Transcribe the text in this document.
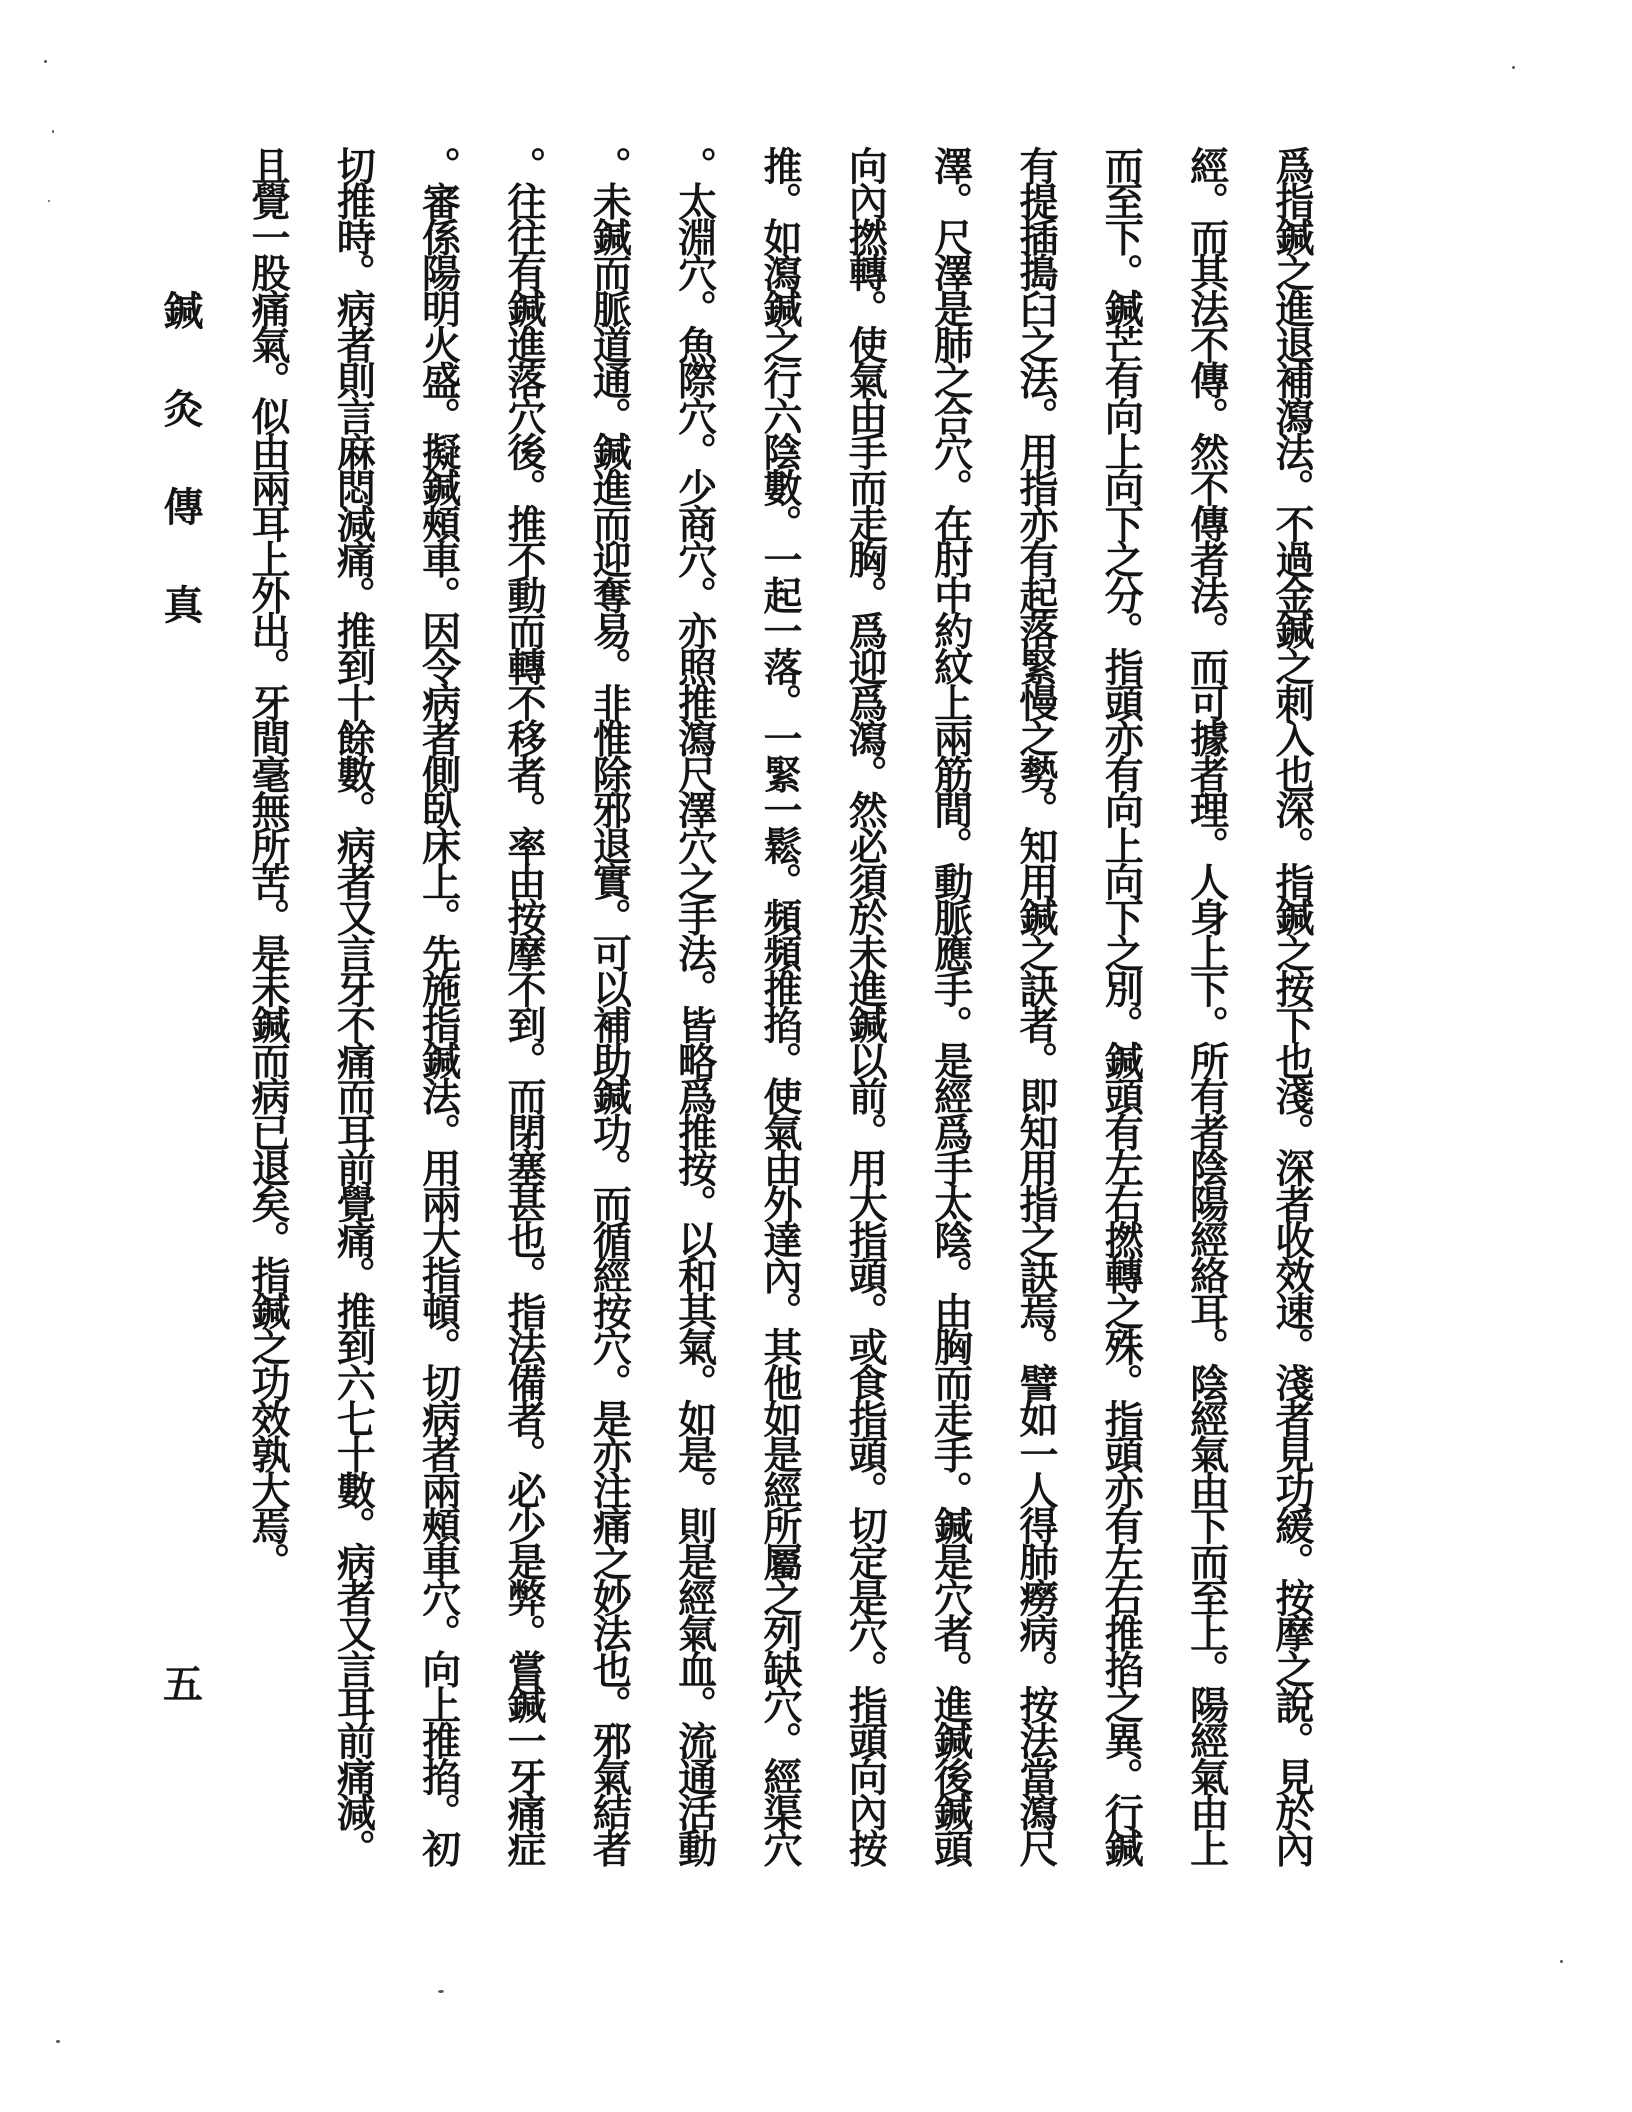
爲指鍼之進退補瀉法。不過金鍼之刺入也深。指鍼之按下也淺。深者收效速。淺者見功緩。按摩之說。見於內
經。而其法不傳。然不傳者法。而可據者理。人身上下。所有者陰陽經絡耳。陰經氣由下而至上。陽經氣由上
而至下。鍼芒有向上向下之分。指頭亦有向上向下之別。鍼頭有左右撚轉之殊。指頭亦有左右推掐之異。行鍼
有提插搗臼之法。用指亦有起落緊慢之勢。知用鍼之訣者。即知用指之訣焉。譬如一人得肺癆病。按法當瀉尺
澤。尺澤是肺之合穴。在肘中約紋上兩筋間。動脈應手。是經爲手太陰。由胸而走手。鍼是穴者。進鍼後鍼頭
向內撚轉。使氣由手而走胸。爲迎爲瀉。然必須於未進鍼以前。用大指頭。或食指頭。切定是穴。指頭向內按
推。如瀉鍼之行六陰數。一起一落。一緊一鬆。頻頻推掐。使氣由外達內。其他如是經所屬之列缺穴。經渠穴
。太淵穴。魚際穴。少商穴。亦照推瀉尺澤穴之手法。皆略爲推按。以和其氣。如是。則是經氣血。流通活動
。未鍼而脈道通。鍼進而迎奪易。非惟除邪退實。可以補助鍼功。而循經按穴。是亦注痛之妙法也。邪氣結者
。往往有鍼進落穴後。推不動而轉不移者。率由按摩不到。而閉塞甚也。指法備者。必少是弊。嘗鍼一牙痛症
。審係陽明火盛。擬鍼頰車。因令病者側臥床上。先施指鍼法。用兩大指頓。切病者兩頰車穴。向上推掐。初
切推時。病者則言麻悶減痛。推到十餘數。病者又言牙不痛而耳前覺痛。推到六七十數。病者又言耳前痛減。
且覺一股痛氣。似由兩耳上外出。牙間毫無所苦。是未鍼而病已退矣。指鍼之功效孰大焉。
鍼灸傳真
五
